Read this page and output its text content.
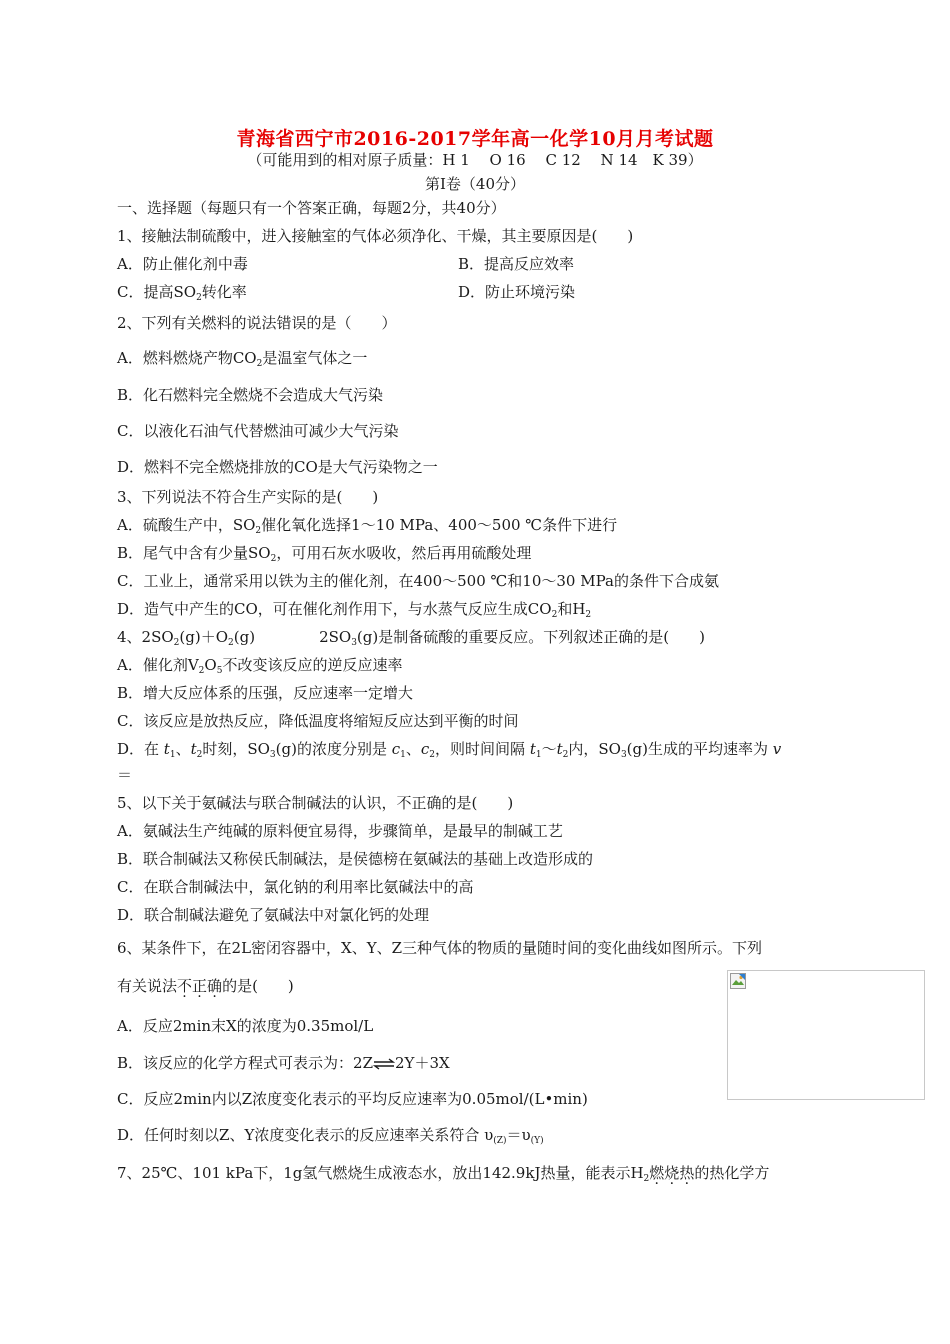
青海省西宁市2016-2017学年高一化学10月月考试题
（可能用到的相对原子质量：H 1　 O 16　 C 12　 N 14　K 39）
第Ⅰ卷（40分）
一、选择题（每题只有一个答案正确，每题2分，共40分）
1、接触法制硫酸中，进入接触室的气体必须净化、干燥，其主要原因是(　　)
A．防止催化剂中毒	B．提高反应效率
C．提高$SO_2$转化率	D．防止环境污染
2、下列有关燃料的说法错误的是（　　）
A．燃料燃烧产物$CO_2$是温室气体之一
B．化石燃料完全燃烧不会造成大气污染
C．以液化石油气代替燃油可减少大气污染
D．燃料不完全燃烧排放的CO是大气污染物之一
3、下列说法不符合生产实际的是(　　)
A．硫酸生产中，$SO_2$催化氧化选择1～10 MPa、400～500 ℃条件下进行
B．尾气中含有少量$SO_2$，可用石灰水吸收，然后再用硫酸处理
C．工业上，通常采用以铁为主的催化剂，在400～500 ℃和10～30 MPa的条件下合成氨
D．造气中产生的CO，可在催化剂作用下，与水蒸气反应生成$CO_2$和$H_2$
4、$2SO_2(g)+O_2(g)$	$2SO_3(g)$是制备硫酸的重要反应。下列叙述正确的是(　　)
A．催化剂$V_2O_5$不改变该反应的逆反应速率
B．增大反应体系的压强，反应速率一定增大
C．该反应是放热反应，降低温度将缩短反应达到平衡的时间
D．在 $t_1$、$t_2$时刻，$SO_3(g)$的浓度分别是 $c_1$、$c_2$，则时间间隔 $t_1\sim t_2$内，$SO_3(g)$生成的平均速率为 v
＝
5、以下关于氨碱法与联合制碱法的认识，不正确的是(　　)
A．氨碱法生产纯碱的原料便宜易得，步骤简单，是最早的制碱工艺
B．联合制碱法又称侯氏制碱法，是侯德榜在氨碱法的基础上改造形成的
C．在联合制碱法中，氯化钠的利用率比氨碱法中的高
D．联合制碱法避免了氨碱法中对氯化钙的处理
6、某条件下，在2L密闭容器中，X、Y、Z三种气体的物质的量随时间的变化曲线如图所示。下列
有关说法不正确的是(　　)
A．反应2min末X的浓度为0.35mol/L
B．该反应的化学方程式可表示为：2Z⇌2Y＋3X
C．反应2min内以Z浓度变化表示的平均反应速率为0.05mol/(L•min)
D．任何时刻以Z、Y浓度变化表示的反应速率关系符合 $\upsilon_{(Z)}=\upsilon_{(Y)}$
7、25℃、101 kPa下，1g氢气燃烧生成液态水，放出142.9kJ热量，能表示$H_2$燃烧热的热化学方
